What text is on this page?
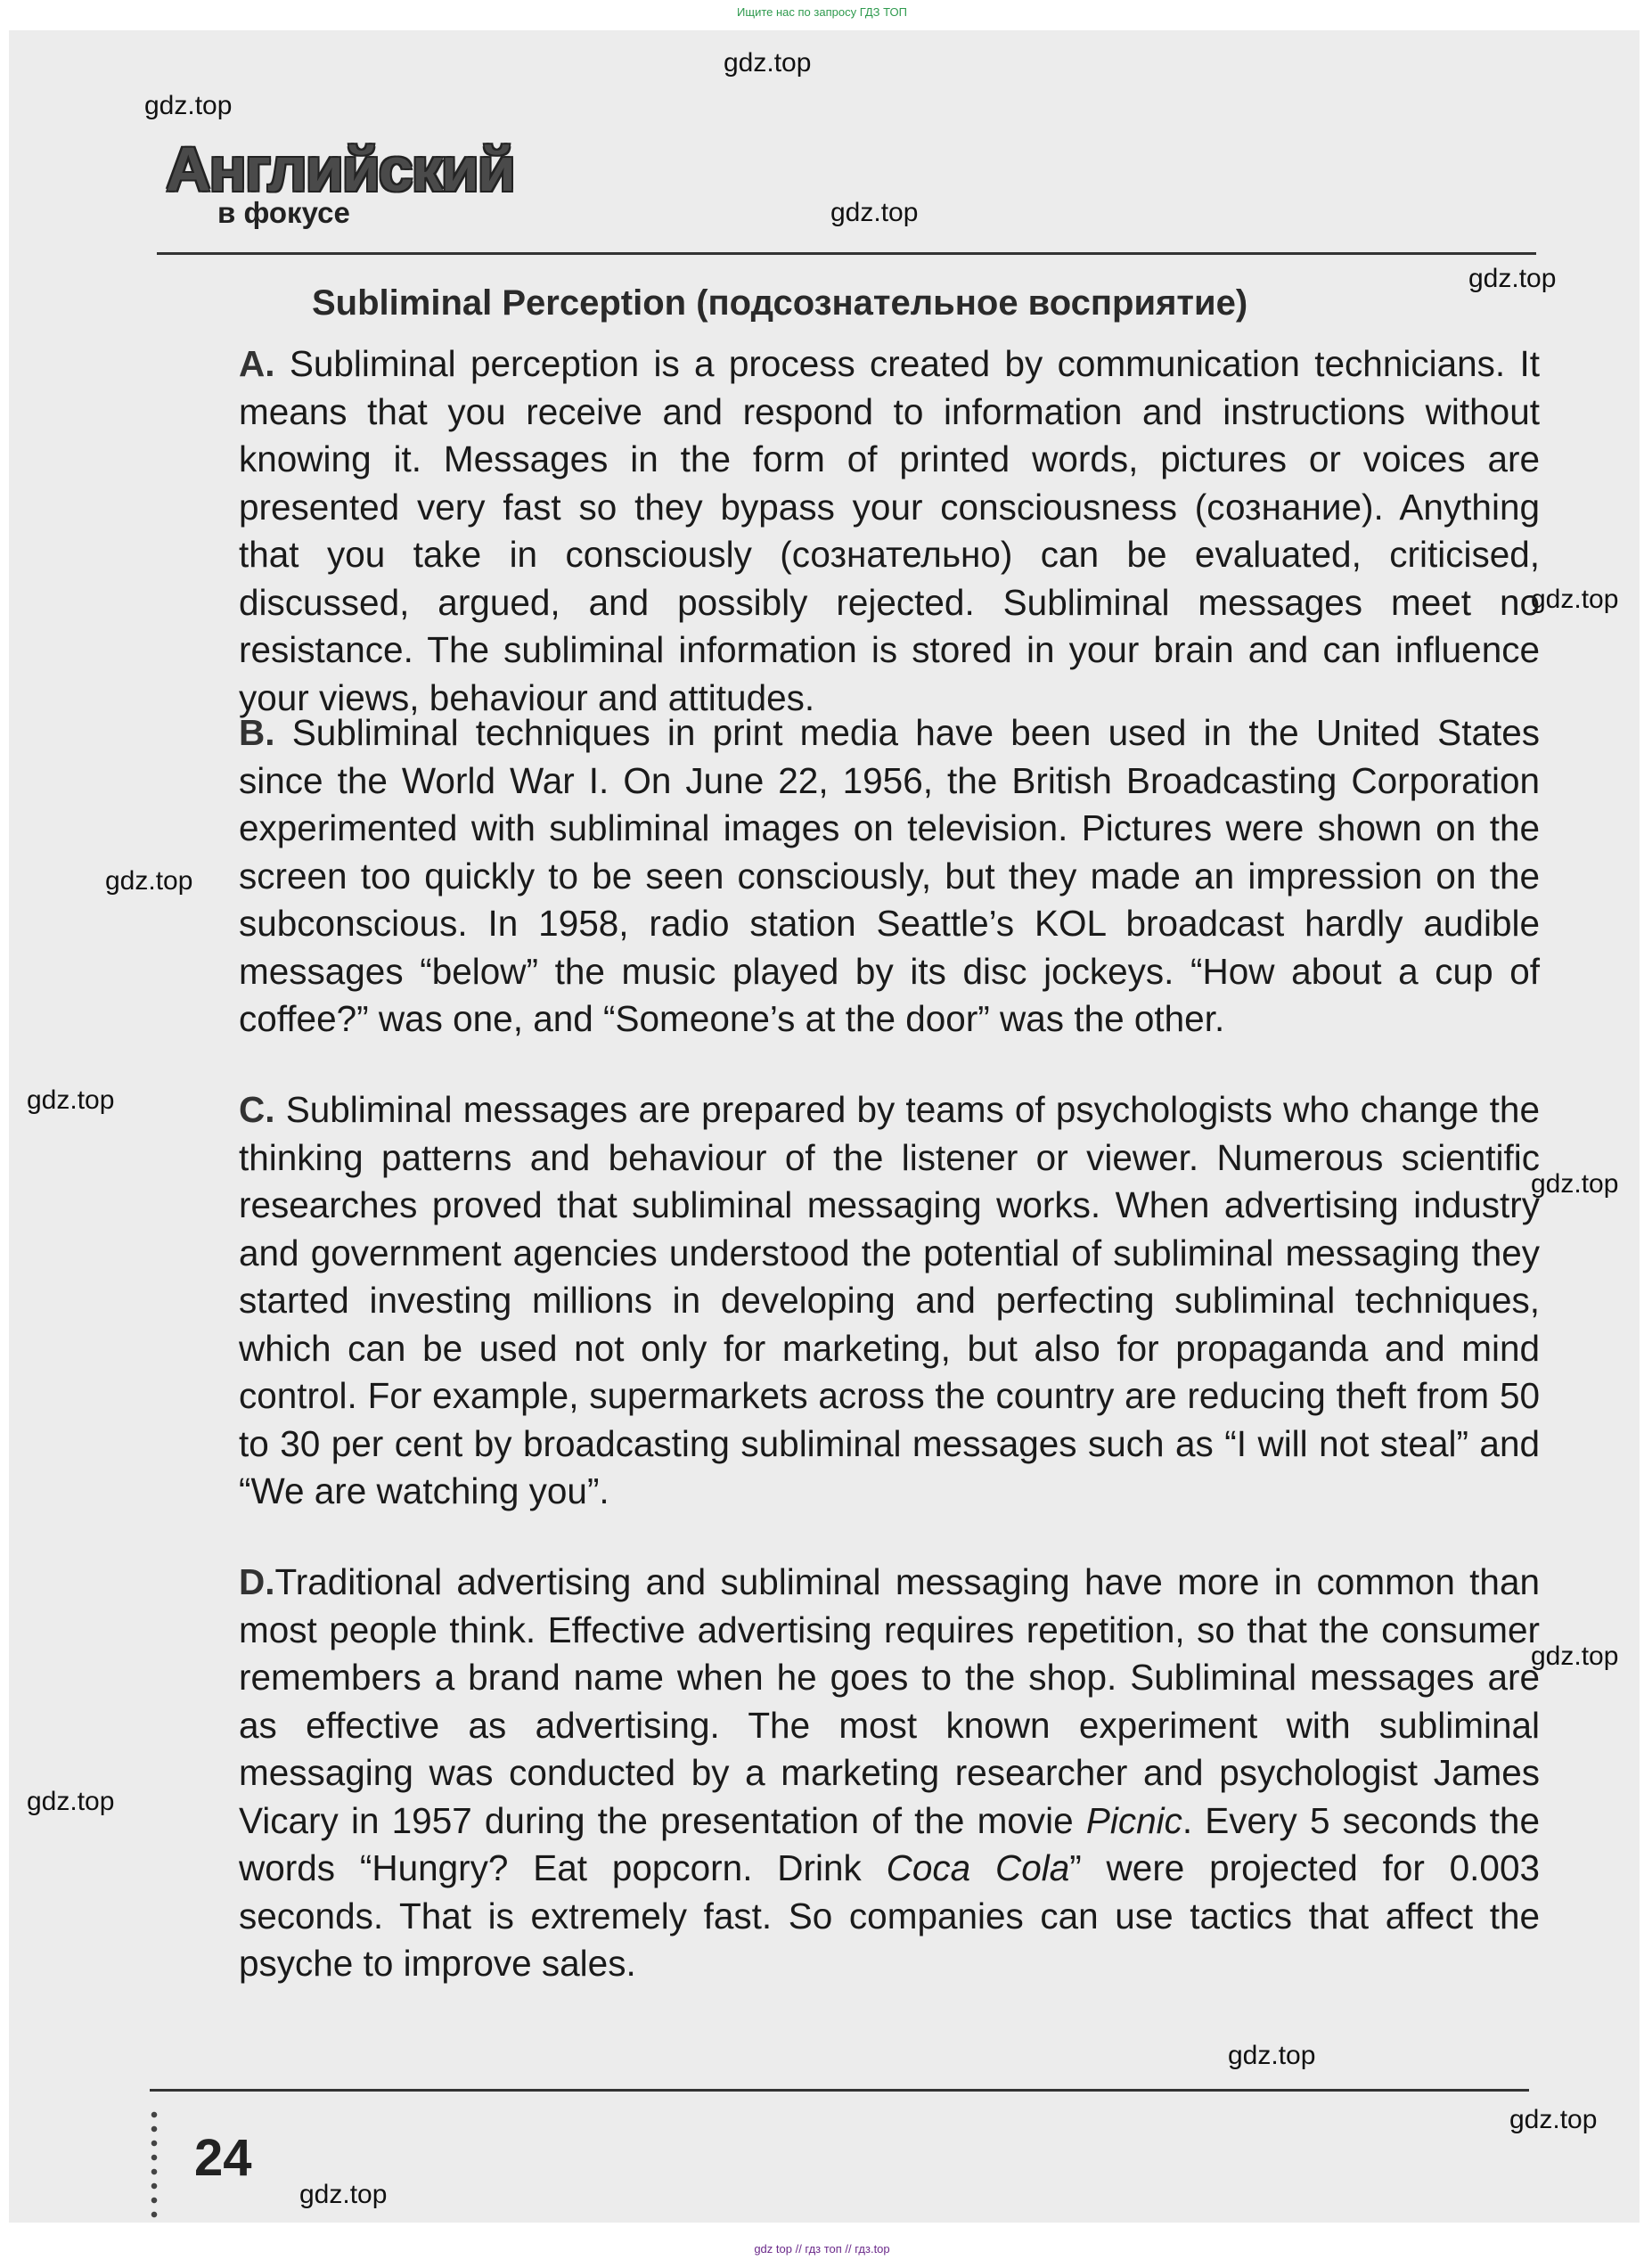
Ищите нас по запросу ГДЗ ТОП
Английский
в фокусе
gdz.top
gdz.top
gdz.top
gdz.top
gdz.top
gdz.top
gdz.top
gdz.top
gdz.top
gdz.top
gdz.top
gdz.top
gdz.top
Subliminal Perception (подсознательное восприятие)
A. Subliminal perception is a process created by communication technicians. It means that you receive and respond to information and instructions without knowing it. Messages in the form of printed words, pictures or voices are presented very fast so they bypass your consciousness (сознание). Anything that you take in consciously (сознательно) can be evaluated, criticised, discussed, argued, and possibly rejected. Subliminal messages meet no resistance. The subliminal information is stored in your brain and can influence your views, behaviour and attitudes.
B. Subliminal techniques in print media have been used in the United States since the World War I. On June 22, 1956, the British Broadcasting Corporation experimented with subliminal images on television. Pictures were shown on the screen too quickly to be seen consciously, but they made an impression on the subconscious. In 1958, radio station Seattle’s KOL broadcast hardly audible messages “below” the music played by its disc jockeys. “How about a cup of coffee?” was one, and “Someone’s at the door” was the other.
C. Subliminal messages are prepared by teams of psychologists who change the thinking patterns and behaviour of the listener or viewer. Numerous scientific researches proved that subliminal messaging works. When advertising industry and government agencies understood the potential of subliminal messaging they started investing millions in developing and perfecting subliminal techniques, which can be used not only for marketing, but also for propaganda and mind control. For example, supermarkets across the country are reducing theft from 50 to 30 per cent by broadcasting subliminal messages such as “I will not steal” and “We are watching you”.
D.Traditional advertising and subliminal messaging have more in common than most people think. Effective advertising requires repetition, so that the consumer remembers a brand name when he goes to the shop. Subliminal messages are as effective as advertising. The most known experiment with subliminal messaging was conducted by a marketing researcher and psychologist James Vicary in 1957 during the presentation of the movie Picnic. Every 5 seconds the words “Hungry? Eat popcorn. Drink Coca Cola” were projected for 0.003 seconds. That is extremely fast. So companies can use tactics that affect the psyche to improve sales.
24
gdz top // гдз топ // гдз.top
